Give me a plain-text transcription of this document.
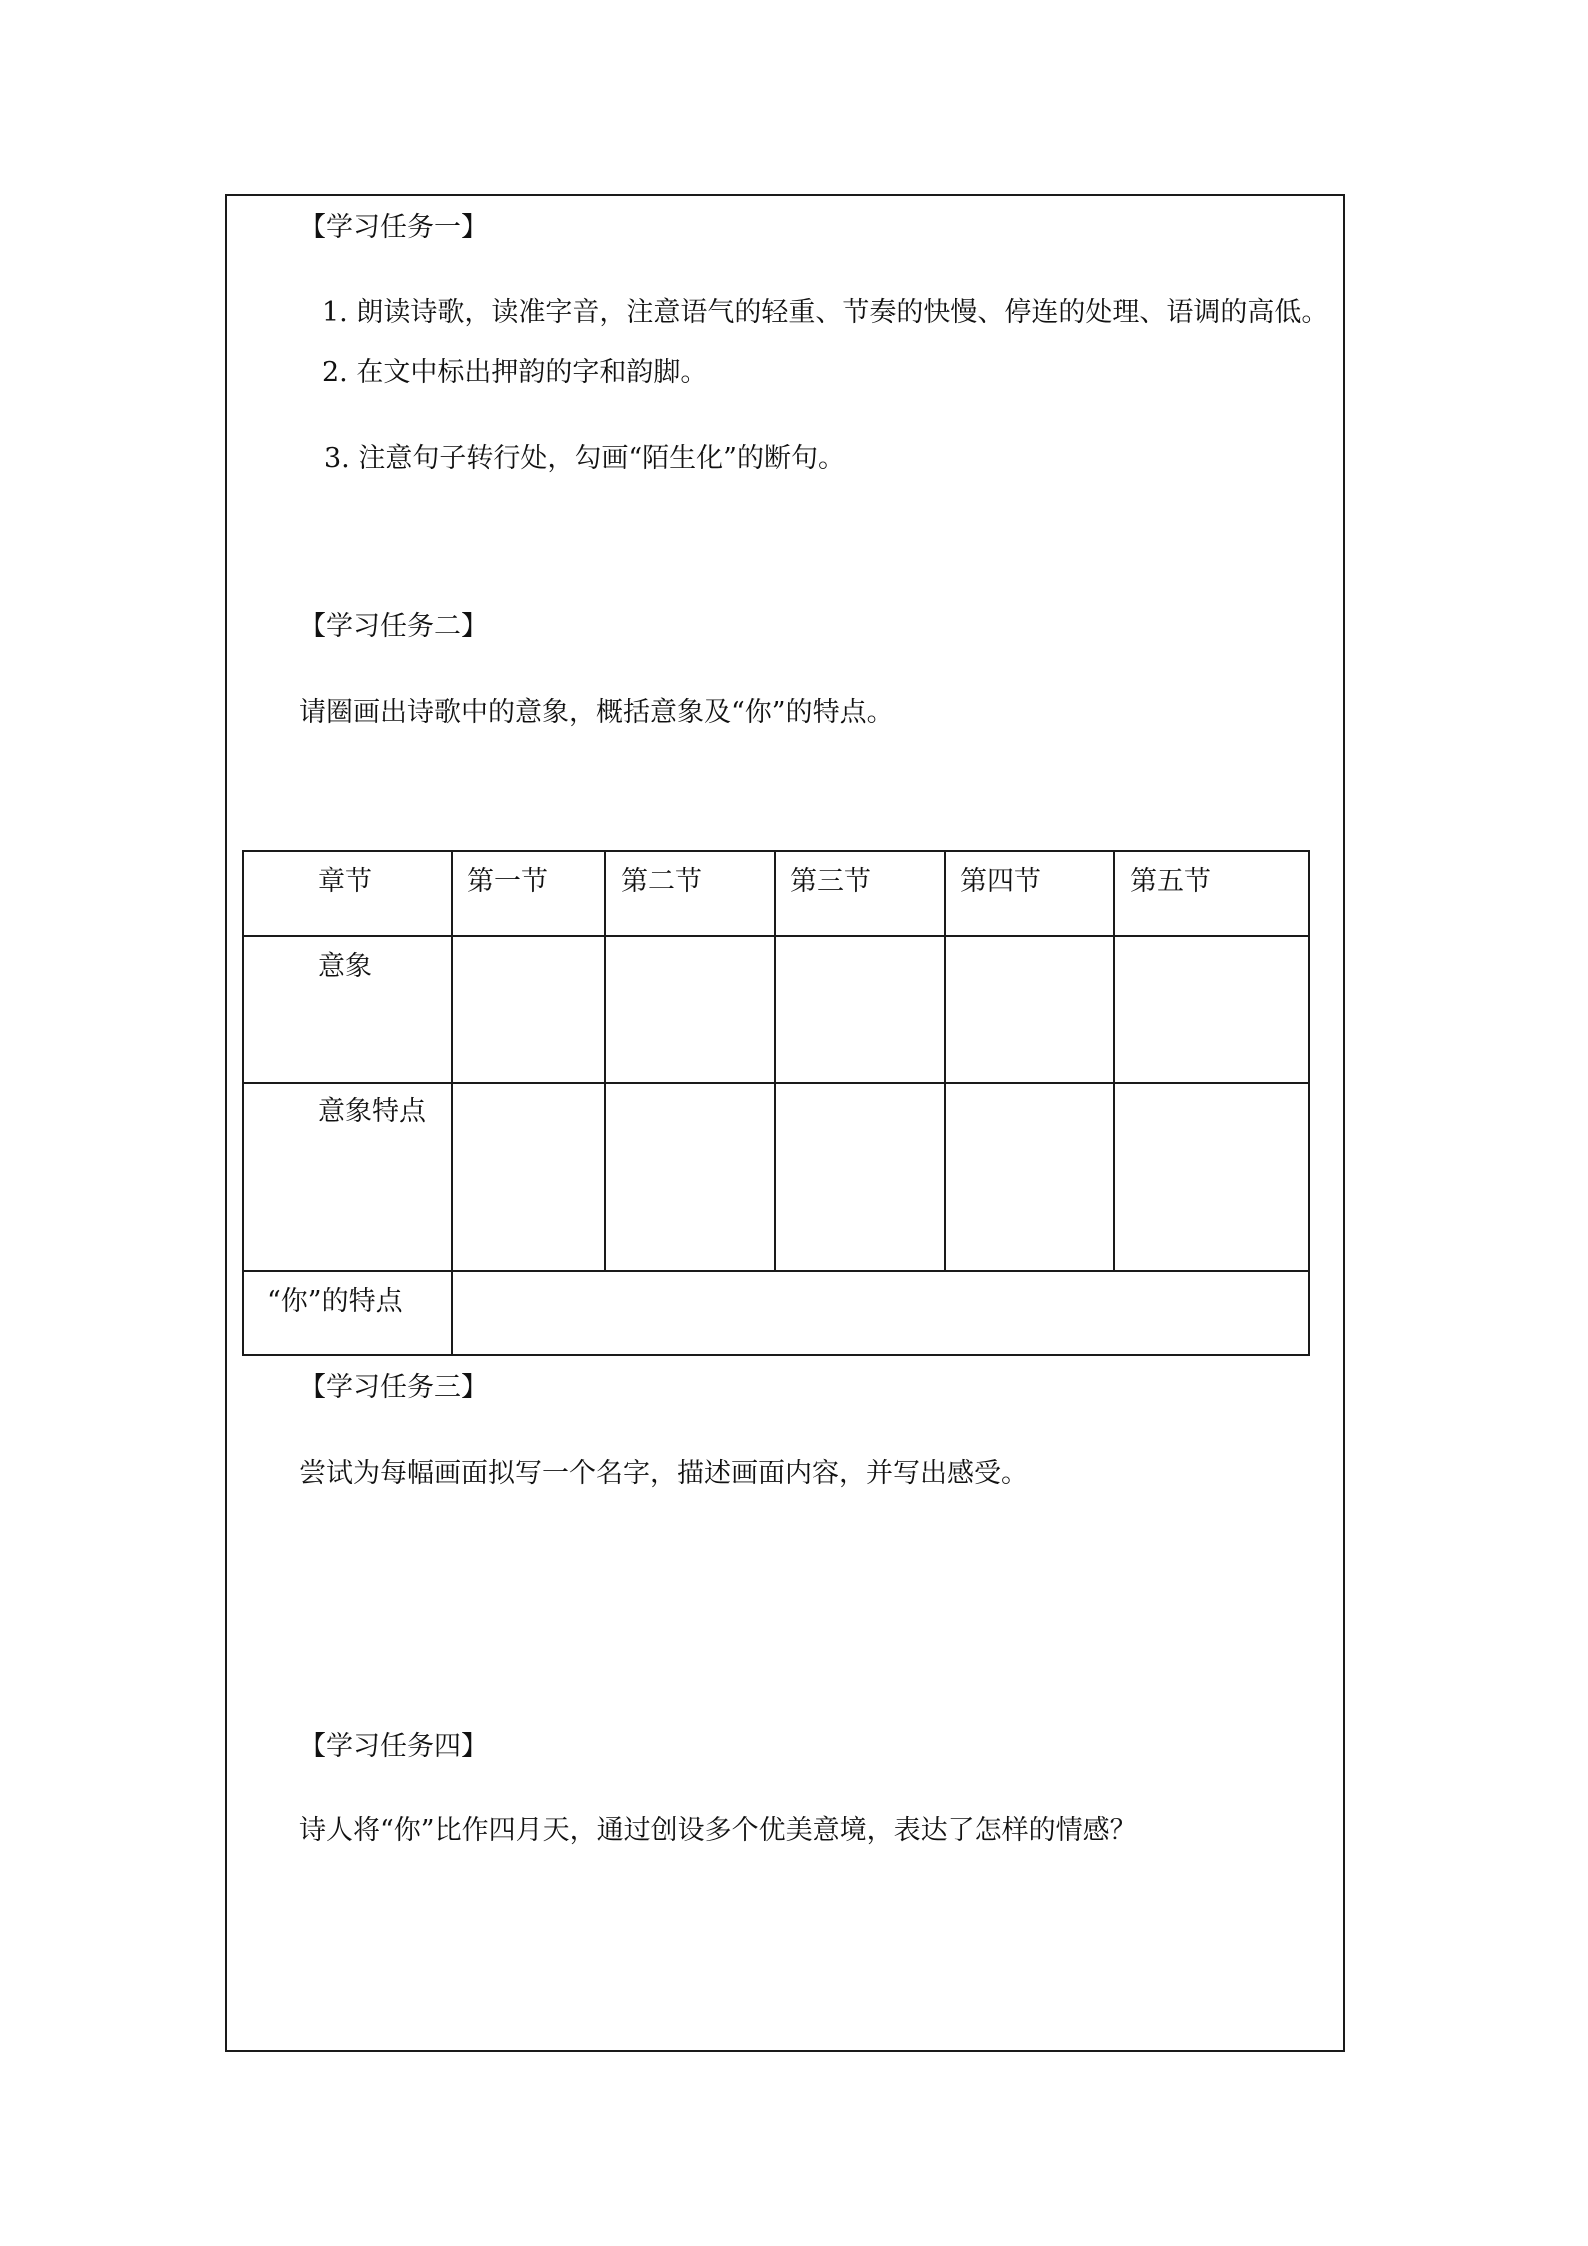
【学习任务一】
1. 朗读诗歌，读准字音，注意语气的轻重、节奏的快慢、停连的处理、语调的高低。
2. 在文中标出押韵的字和韵脚。
3. 注意句子转行处，勾画“陌生化”的断句。
【学习任务二】
请圈画出诗歌中的意象，概括意象及“你”的特点。
章节	第一节	第二节	第三节	第四节	第五节
意象
意象特点
“你”的特点
【学习任务三】
尝试为每幅画面拟写一个名字，描述画面内容，并写出感受。
【学习任务四】
诗人将“你”比作四月天，通过创设多个优美意境，表达了怎样的情感？
